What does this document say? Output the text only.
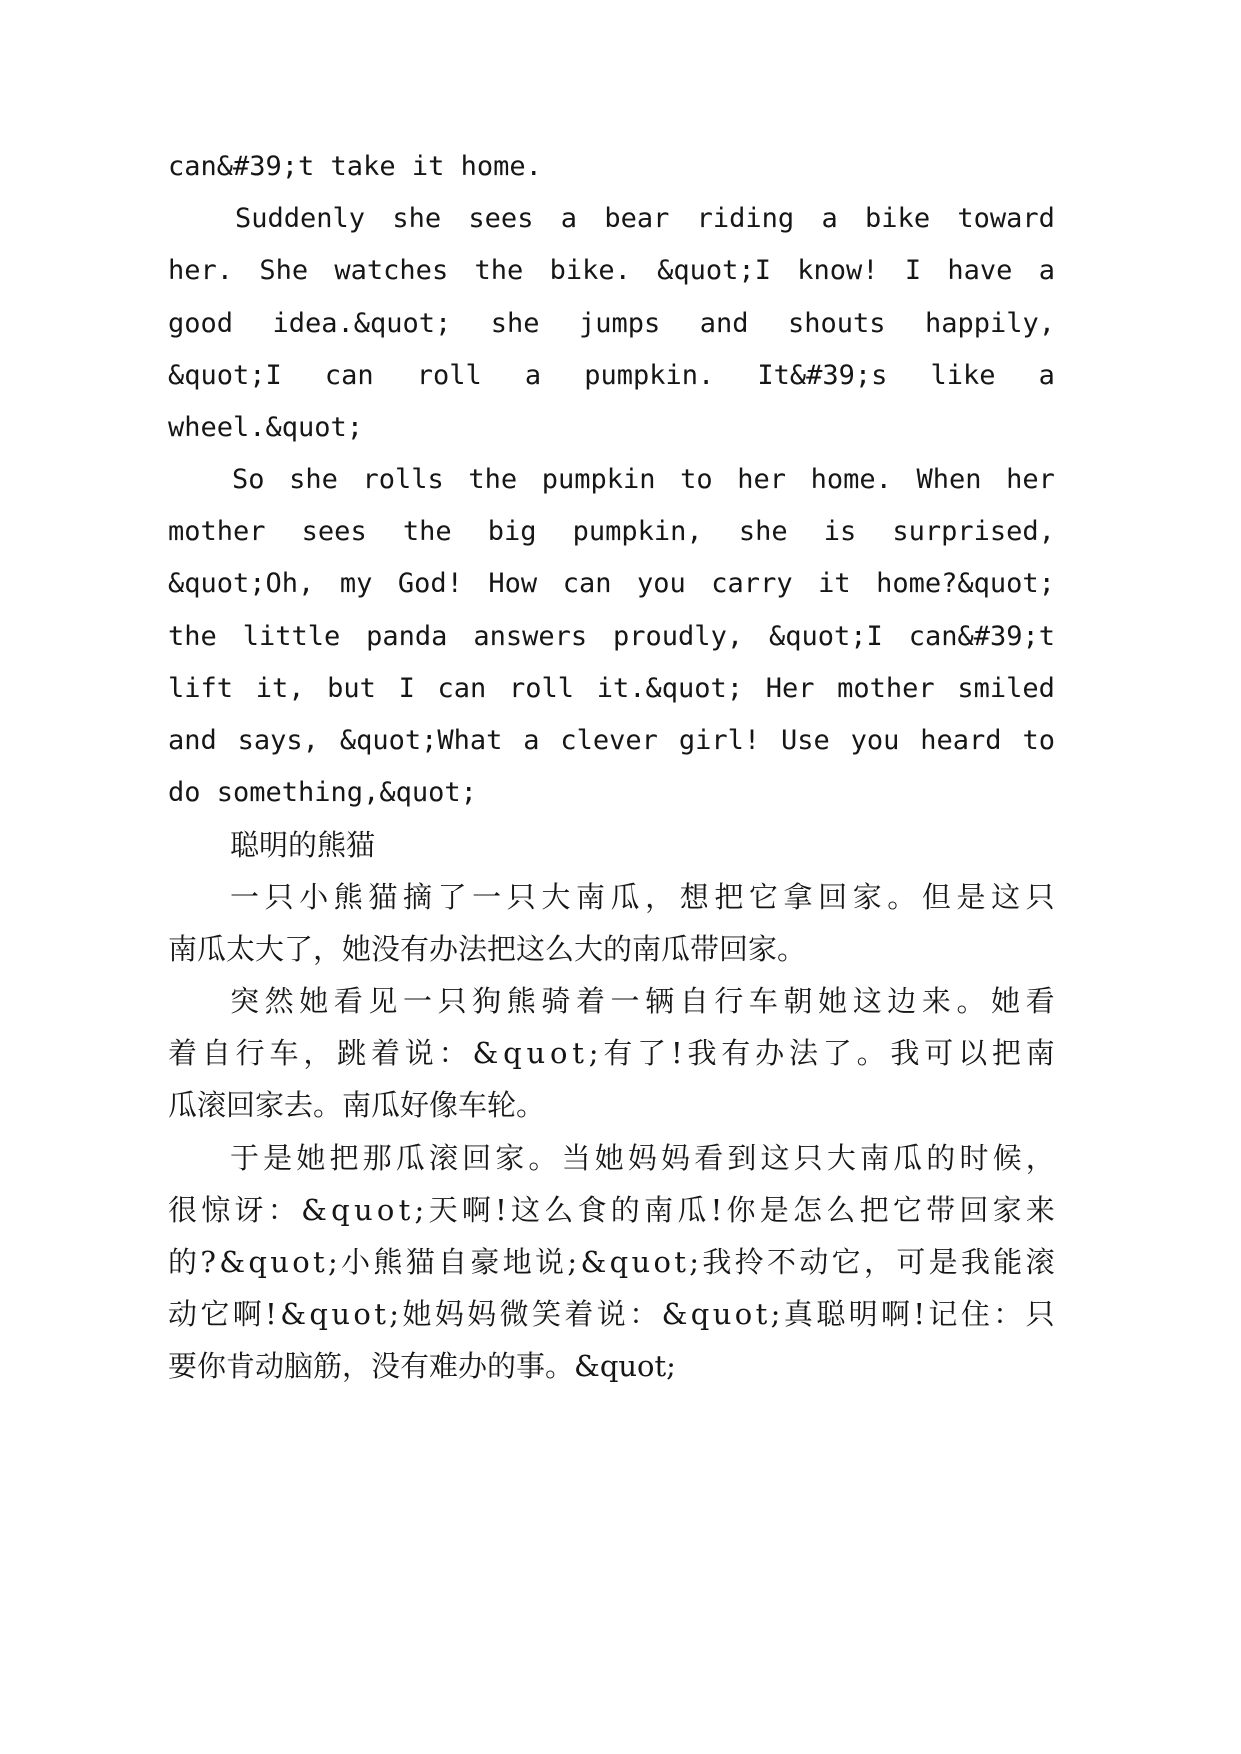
can&#39;t take it home.
Suddenly she sees a bear riding a bike toward
her. She watches the bike. &quot;I know! I have a
good idea.&quot; she jumps and shouts happily,
&quot;I can roll a pumpkin. It&#39;s like a
wheel.&quot;
So she rolls the pumpkin to her home. When her
mother sees the big pumpkin, she is surprised,
&quot;Oh, my God! How can you carry it home?&quot;
the little panda answers proudly, &quot;I can&#39;t
lift it, but I can roll it.&quot; Her mother smiled
and says, &quot;What a clever girl! Use you heard to
do something,&quot;
聪明的熊猫
一 只 小 熊 猫 摘 了 一 只 大 南 瓜 ， 想 把 它 拿 回 家 。 但 是 这 只
南瓜太大了，她没有办法把这么大的南瓜带回家。
突 然 她 看 见 一 只 狗 熊 骑 着 一 辆 自 行 车 朝 她 这 边 来 。 她 看
着 自 行 车 ， 跳 着 说 ： & q u o t ; 有 了 ! 我 有 办 法 了 。 我 可 以 把 南
瓜滚回家去。南瓜好像车轮。
于 是 她 把 那 瓜 滚 回 家 。 当 她 妈 妈 看 到 这 只 大 南 瓜 的 时 候 ，
很 惊 讶 ： & q u o t ; 天 啊 ! 这 么 食 的 南 瓜 ! 你 是 怎 么 把 它 带 回 家 来
的 ? & q u o t ; 小 熊 猫 自 豪 地 说 ; & q u o t ; 我 拎 不 动 它 ， 可 是 我 能 滚
动 它 啊 ! & q u o t ; 她 妈 妈 微 笑 着 说 ： & q u o t ; 真 聪 明 啊 ! 记 住 ： 只
要你肯动脑筋，没有难办的事。&quot;
